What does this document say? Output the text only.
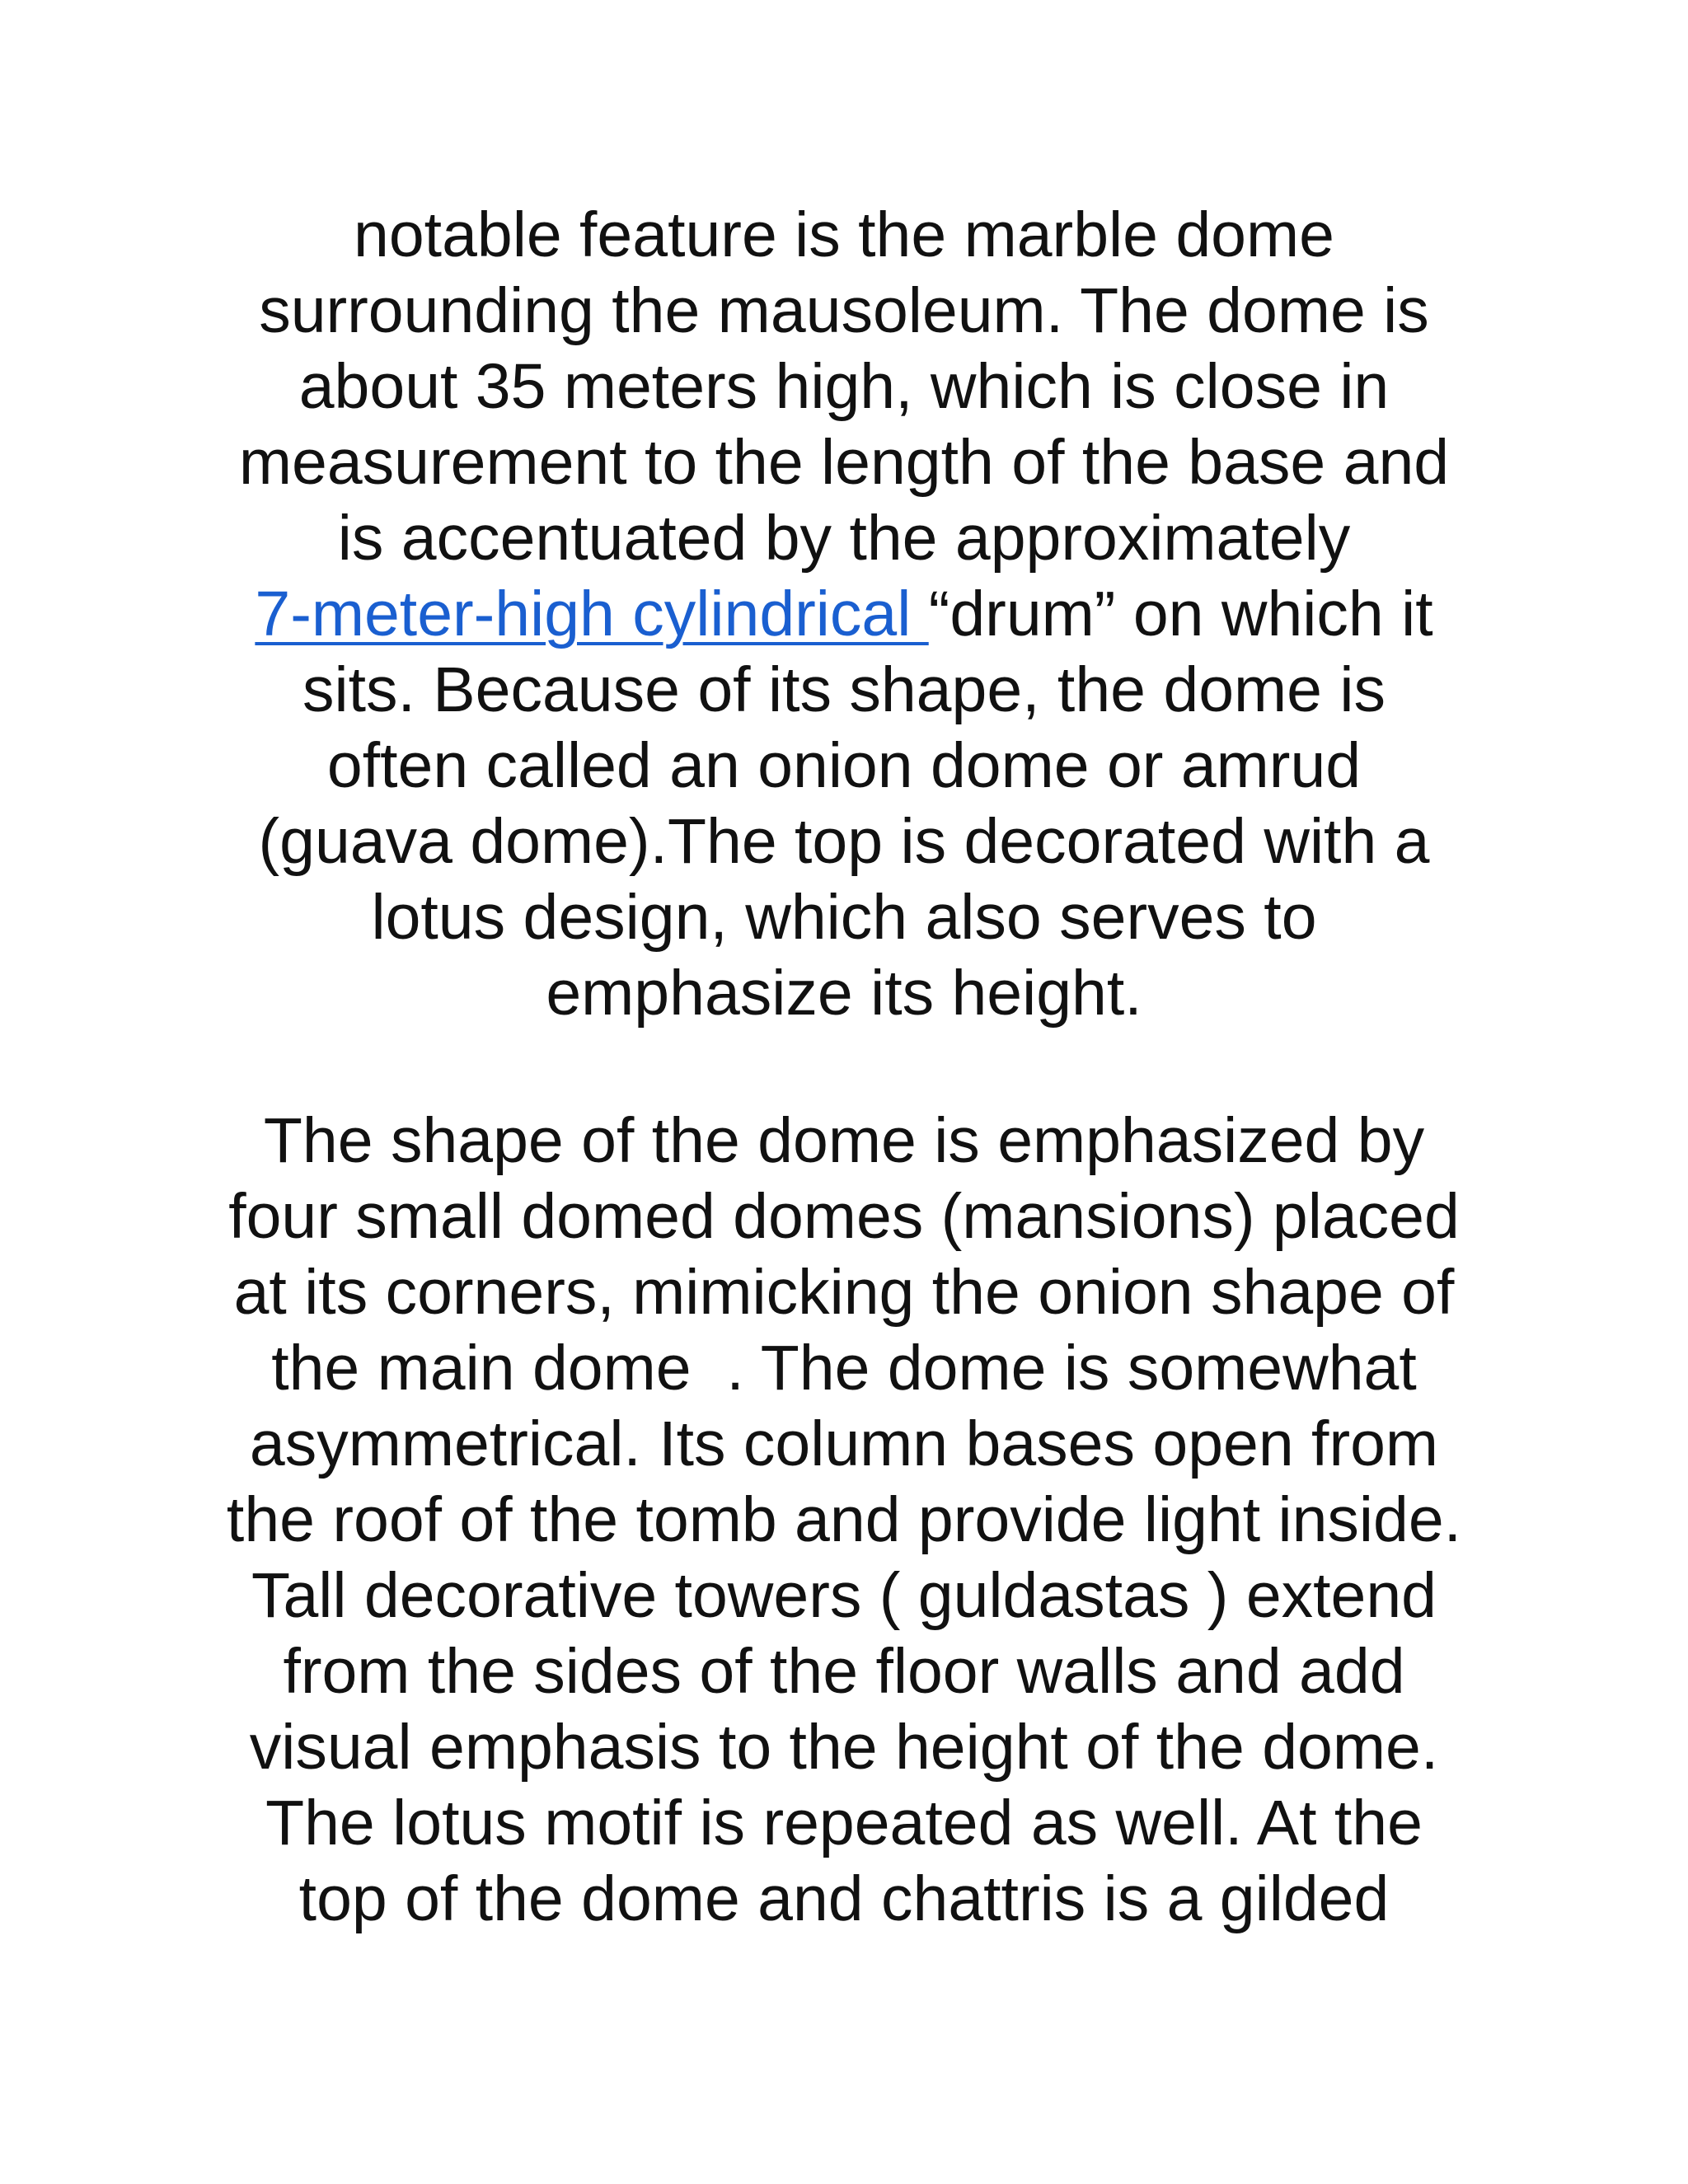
notable feature is the marble dome
surrounding the mausoleum. The dome is
about 35 meters high, which is close in
measurement to the length of the base and
is accentuated by the approximately
7-meter-high cylindrical “drum” on which it
sits. Because of its shape, the dome is
often called an onion dome or amrud
(guava dome).The top is decorated with a
lotus design, which also serves to
emphasize its height.
The shape of the dome is emphasized by
four small domed domes (mansions) placed
at its corners, mimicking the onion shape of
the main dome  . The dome is somewhat
asymmetrical. Its column bases open from
the roof of the tomb and provide light inside.
Tall decorative towers ( guldastas ) extend
from the sides of the floor walls and add
visual emphasis to the height of the dome.
The lotus motif is repeated as well. At the
top of the dome and chattris is a gilded
